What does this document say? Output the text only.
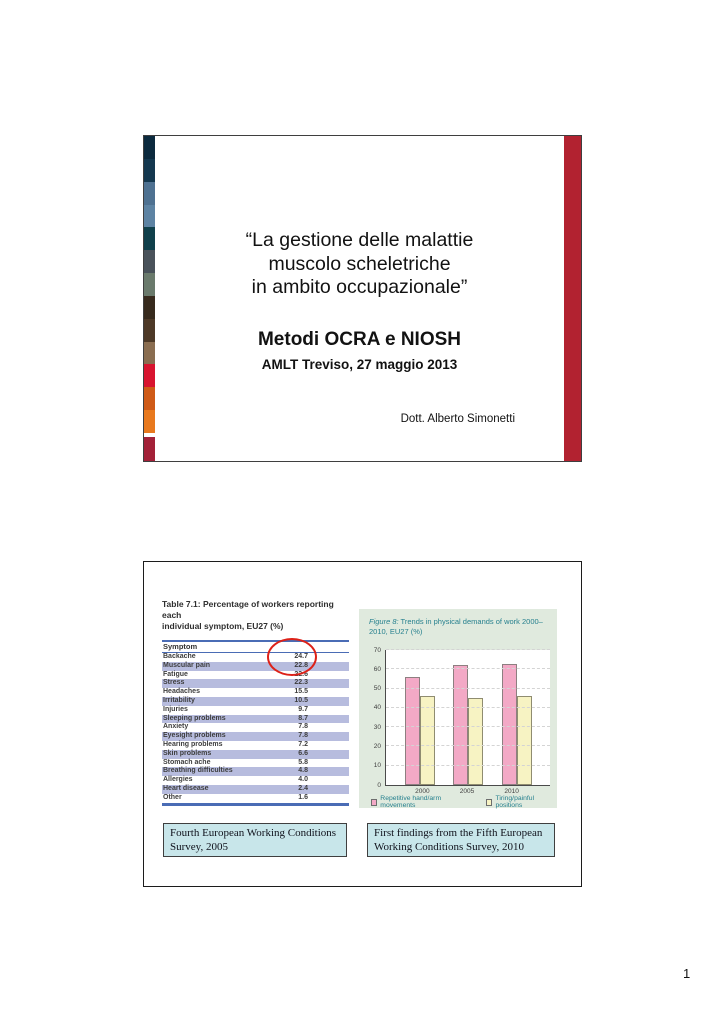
“La gestione delle malattie
muscolo scheletriche
in ambito occupazionale”
Metodi OCRA e NIOSH
AMLT Treviso, 27 maggio 2013
Dott. Alberto Simonetti
Table 7.1: Percentage of workers reporting each
individual symptom, EU27 (%)
Symptom
Backache	24.7
Muscular pain	22.8
Fatigue	22.6
Stress	22.3
Headaches	15.5
Irritability	10.5
Injuries	9.7
Sleeping problems	8.7
Anxiety	7.8
Eyesight problems	7.8
Hearing problems	7.2
Skin problems	6.6
Stomach ache	5.8
Breathing difficulties	4.8
Allergies	4.0
Heart disease	2.4
Other	1.6
Figure 8: Trends in physical demands of work 2000–2010, EU27 (%)
0
10
20
30
40
50
60
70
2000	2005	2010
Repetitive hand/arm movements
Tiring/painful positions
Fourth European Working Conditions Survey, 2005
First findings from the Fifth European Working Conditions Survey, 2010
1
